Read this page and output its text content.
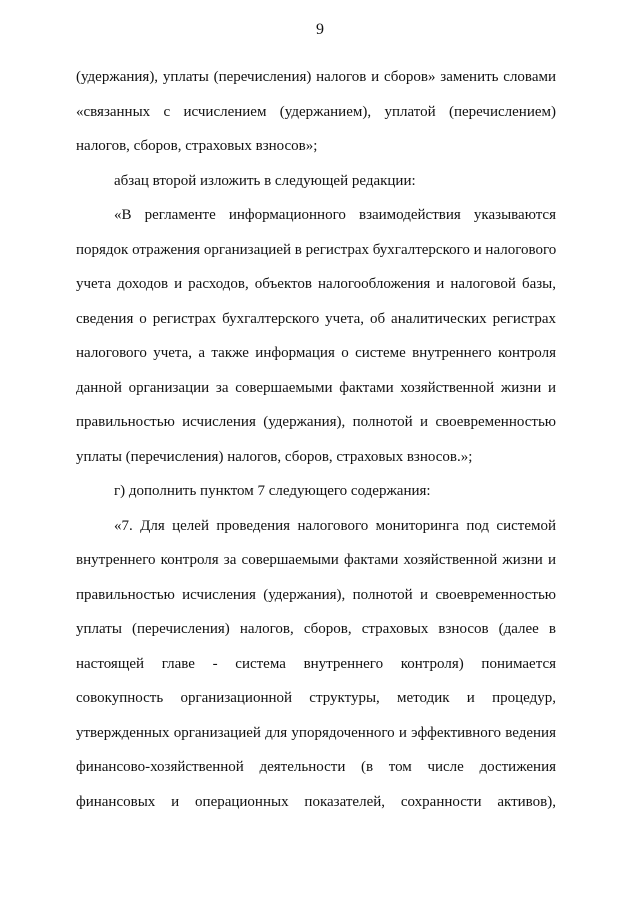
9
(удержания), уплаты (перечисления) налогов и сборов» заменить словами
«связанных с исчислением (удержанием), уплатой (перечислением)
налогов, сборов, страховых взносов»;
абзац второй изложить в следующей редакции:
«В регламенте информационного взаимодействия указываются
порядок отражения организацией в регистрах бухгалтерского и налогового
учета доходов и расходов, объектов налогообложения и налоговой базы,
сведения о регистрах бухгалтерского учета, об аналитических регистрах
налогового учета, а также информация о системе внутреннего контроля
данной организации за совершаемыми фактами хозяйственной жизни и
правильностью исчисления (удержания), полнотой и своевременностью
уплаты (перечисления) налогов, сборов, страховых взносов.»;
г) дополнить пунктом 7 следующего содержания:
«7. Для целей проведения налогового мониторинга под системой
внутреннего контроля за совершаемыми фактами хозяйственной жизни и
правильностью исчисления (удержания), полнотой и своевременностью
уплаты (перечисления) налогов, сборов, страховых взносов (далее в
настоящей главе - система внутреннего контроля) понимается
совокупность организационной структуры, методик и процедур,
утвержденных организацией для упорядоченного и эффективного ведения
финансово-хозяйственной деятельности (в том числе достижения
финансовых и операционных показателей, сохранности активов),
